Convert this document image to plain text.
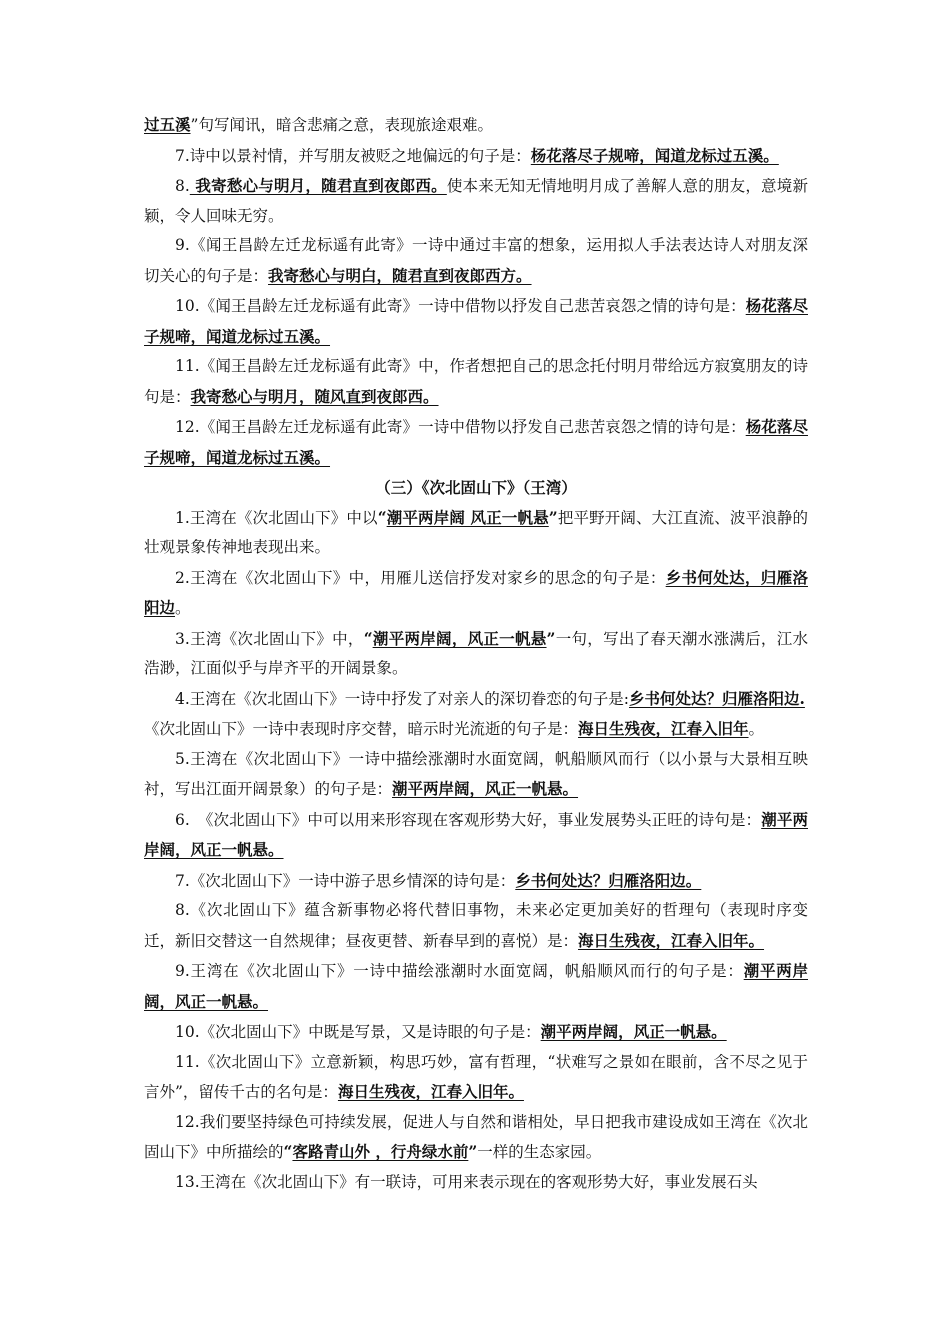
过五溪”句写闻讯，暗含悲痛之意，表现旅途艰难。

7.诗中以景衬情，并写朋友被贬之地偏远的句子是：杨花落尽子规啼，闻道龙标过五溪。

8. 我寄愁心与明月，随君直到夜郎西。使本来无知无情地明月成了善解人意的朋友，意境新颖，令人回味无穷。

9.《闻王昌龄左迁龙标遥有此寄》一诗中通过丰富的想象，运用拟人手法表达诗人对朋友深切关心的句子是：我寄愁心与明白，随君直到夜郎西方。

10.《闻王昌龄左迁龙标遥有此寄》一诗中借物以抒发自己悲苦哀怨之情的诗句是：杨花落尽子规啼，闻道龙标过五溪。

11.《闻王昌龄左迁龙标遥有此寄》中，作者想把自己的思念托付明月带给远方寂寞朋友的诗句是：我寄愁心与明月，随风直到夜郎西。

12.《闻王昌龄左迁龙标遥有此寄》一诗中借物以抒发自己悲苦哀怨之情的诗句是：杨花落尽子规啼，闻道龙标过五溪。

（三）《次北固山下》（王湾）

1.王湾在《次北固山下》中以“潮平两岸阔 风正一帆悬”把平野开阔、大江直流、波平浪静的壮观景象传神地表现出来。

2.王湾在《次北固山下》中，用雁儿送信抒发对家乡的思念的句子是：乡书何处达，归雁洛阳边。

3.王湾《次北固山下》中，“潮平两岸阔，风正一帆悬”一句，写出了春天潮水涨满后，江水浩渺，江面似乎与岸齐平的开阔景象。

4.王湾在《次北固山下》一诗中抒发了对亲人的深切眷恋的句子是:乡书何处达？归雁洛阳边.

《次北固山下》一诗中表现时序交替，暗示时光流逝的句子是：海日生残夜，江春入旧年。

5.王湾在《次北固山下》一诗中描绘涨潮时水面宽阔，帆船顺风而行（以小景与大景相互映衬，写出江面开阔景象）的句子是：潮平两岸阔，风正一帆悬。

6.　《次北固山下》中可以用来形容现在客观形势大好，事业发展势头正旺的诗句是：潮平两岸阔，风正一帆悬。

7.《次北固山下》一诗中游子思乡情深的诗句是：乡书何处达？归雁洛阳边。

8.《次北固山下》蕴含新事物必将代替旧事物，未来必定更加美好的哲理句（表现时序变迁，新旧交替这一自然规律；昼夜更替、新春早到的喜悦）是：海日生残夜，江春入旧年。

9.王湾在《次北固山下》一诗中描绘涨潮时水面宽阔，帆船顺风而行的句子是：潮平两岸阔，风正一帆悬。

10.《次北固山下》中既是写景，又是诗眼的句子是：潮平两岸阔，风正一帆悬。

11.《次北固山下》立意新颖，构思巧妙，富有哲理，“状难写之景如在眼前，含不尽之见于言外”，留传千古的名句是：海日生残夜，江春入旧年。

12.我们要坚持绿色可持续发展，促进人与自然和谐相处，早日把我市建设成如王湾在《次北固山下》中所描绘的“客路青山外 ，行舟绿水前”一样的生态家园。

13.王湾在《次北固山下》有一联诗，可用来表示现在的客观形势大好，事业发展石头
